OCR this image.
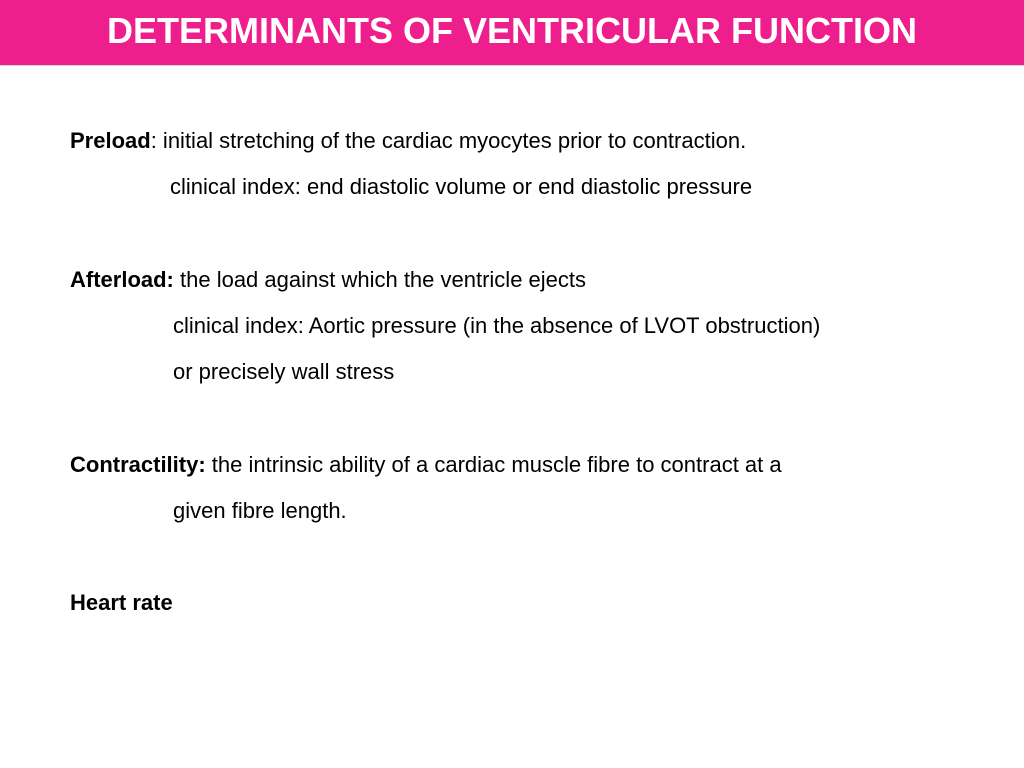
DETERMINANTS OF VENTRICULAR FUNCTION
Preload: initial stretching of the cardiac myocytes prior to contraction.
clinical index: end diastolic volume or end diastolic pressure
Afterload: the load against which the ventricle ejects
clinical index: Aortic pressure (in the absence of LVOT obstruction)
or precisely wall stress
Contractility: the intrinsic ability of a cardiac muscle fibre to contract at a
given fibre length.
Heart rate
